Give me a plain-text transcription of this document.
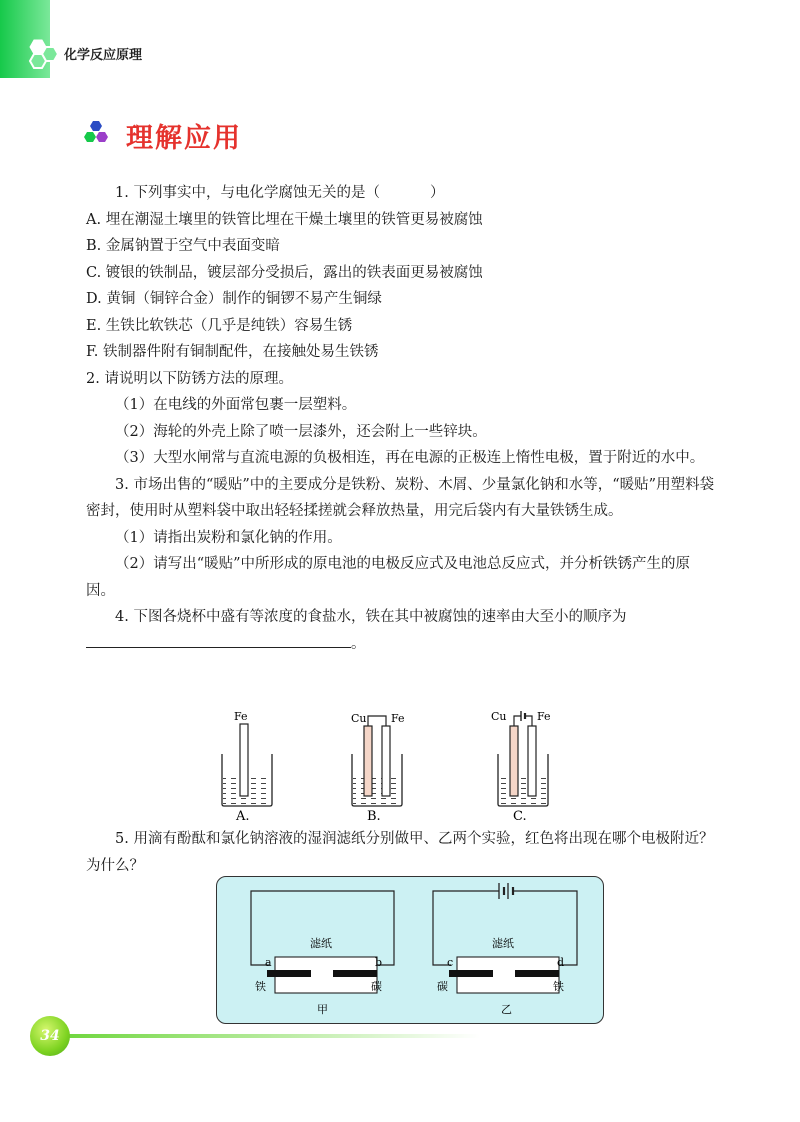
化学反应原理
理解应用

1. 下列事实中，与电化学腐蚀无关的是（	）

A. 埋在潮湿土壤里的铁管比埋在干燥土壤里的铁管更易被腐蚀

B. 金属钠置于空气中表面变暗

C. 镀银的铁制品，镀层部分受损后，露出的铁表面更易被腐蚀

D. 黄铜（铜锌合金）制作的铜锣不易产生铜绿

E. 生铁比软铁芯（几乎是纯铁）容易生锈

F. 铁制器件附有铜制配件，在接触处易生铁锈

2. 请说明以下防锈方法的原理。

（1）在电线的外面常包裹一层塑料。

（2）海轮的外壳上除了喷一层漆外，还会附上一些锌块。

（3）大型水闸常与直流电源的负极相连，再在电源的正极连上惰性电极，置于附近的水中。

3. 市场出售的“暖贴”中的主要成分是铁粉、炭粉、木屑、少量氯化钠和水等，“暖贴”用塑料袋密封，使用时从塑料袋中取出轻轻揉搓就会释放热量，用完后袋内有大量铁锈生成。

（1）请指出炭粉和氯化钠的作用。

（2）请写出“暖贴”中所形成的原电池的电极反应式及电池总反应式，并分析铁锈产生的原因。

4. 下图各烧杯中盛有等浓度的食盐水，铁在其中被腐蚀的速率由大至小的顺序为。

Fe
A.
Cu Fe
B.
Cu	Fe
C.

5. 用滴有酚酞和氯化钠溶液的湿润滤纸分别做甲、乙两个实验，红色将出现在哪个电极附近？为什么？

滤纸
a	b
铁	碳
甲
滤纸
c	d
碳	铁
乙
34
